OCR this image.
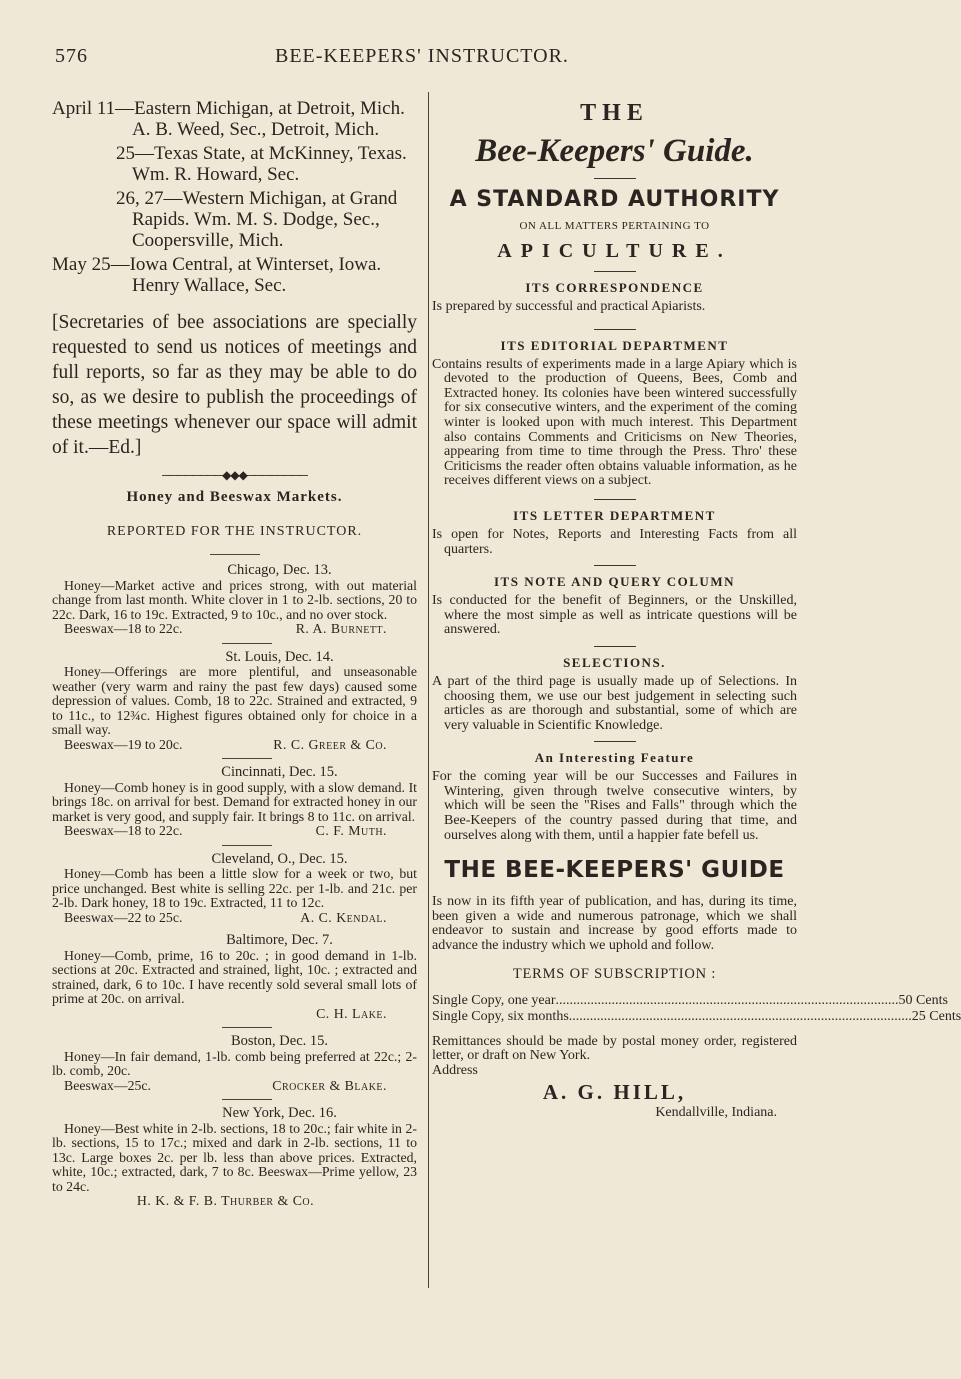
576	BEE-KEEPERS' INSTRUCTOR.

April 11—Eastern Michigan, at Detroit, Mich. A. B. Weed, Sec., Detroit, Mich.

25—Texas State, at McKinney, Texas. Wm. R. Howard, Sec.

26, 27—Western Michigan, at Grand Rapids. Wm. M. S. Dodge, Sec., Coopersville, Mich.

May 25—Iowa Central, at Winterset, Iowa. Henry Wallace, Sec.

[Secretaries of bee associations are specially requested to send us notices of meetings and full reports, so far as they may be able to do so, as we desire to publish the proceedings of these meetings whenever our space will admit of it.—Ed.]
────────◆◆◆────────
Honey and Beeswax Markets.
REPORTED FOR THE INSTRUCTOR.
Chicago, Dec. 13.
Honey—Market active and prices strong, with out material change from last month. White clover in 1 to 2-lb. sections, 20 to 22c. Dark, 16 to 19c. Extracted, 9 to 10c., and no over stock.
Beeswax—18 to 22c.	R. A. Burnett.
St. Louis, Dec. 14.
Honey—Offerings are more plentiful, and unseasonable weather (very warm and rainy the past few days) caused some depression of values. Comb, 18 to 22c. Strained and extracted, 9 to 11c., to 12¾c. Highest figures obtained only for choice in a small way.
Beeswax—19 to 20c.	R. C. Greer & Co.
Cincinnati, Dec. 15.
Honey—Comb honey is in good supply, with a slow demand. It brings 18c. on arrival for best. Demand for extracted honey in our market is very good, and supply fair. It brings 8 to 11c. on arrival.
Beeswax—18 to 22c.	C. F. Muth.
Cleveland, O., Dec. 15.
Honey—Comb has been a little slow for a week or two, but price unchanged. Best white is selling 22c. per 1-lb. and 21c. per 2-lb. Dark honey, 18 to 19c. Extracted, 11 to 12c.
Beeswax—22 to 25c.	A. C. Kendal.
Baltimore, Dec. 7.
Honey—Comb, prime, 16 to 20c. ; in good demand in 1-lb. sections at 20c. Extracted and strained, light, 10c. ; extracted and strained, dark, 6 to 10c. I have recently sold several small lots of prime at 20c. on arrival.
C. H. Lake.
Boston, Dec. 15.
Honey—In fair demand, 1-lb. comb being preferred at 22c.; 2-lb. comb, 20c.
Beeswax—25c.	Crocker & Blake.
New York, Dec. 16.
Honey—Best white in 2-lb. sections, 18 to 20c.; fair white in 2-lb. sections, 15 to 17c.; mixed and dark in 2-lb. sections, 11 to 13c. Large boxes 2c. per lb. less than above prices. Extracted, white, 10c.; extracted, dark, 7 to 8c. Beeswax—Prime yellow, 23 to 24c.
H. K. & F. B. Thurber & Co.
THE
Bee-Keepers' Guide.
A STANDARD AUTHORITY
ON ALL MATTERS PERTAINING TO
APICULTURE.
ITS CORRESPONDENCE

Is prepared by successful and practical Apiarists.

ITS EDITORIAL DEPARTMENT

Contains results of experiments made in a large Apiary which is devoted to the production of Queens, Bees, Comb and Extracted honey. Its colonies have been wintered successfully for six consecutive winters, and the experiment of the coming winter is looked upon with much interest. This Department also contains Comments and Criticisms on New Theories, appearing from time to time through the Press. Thro' these Criticisms the reader often obtains valuable information, as he receives different views on a subject.

ITS LETTER DEPARTMENT

Is open for Notes, Reports and Interesting Facts from all quarters.

ITS NOTE AND QUERY COLUMN

Is conducted for the benefit of Beginners, or the Unskilled, where the most simple as well as intricate questions will be answered.

SELECTIONS.

A part of the third page is usually made up of Selections. In choosing them, we use our best judgement in selecting such articles as are thorough and substantial, some of which are very valuable in Scientific Knowledge.

An Interesting Feature

For the coming year will be our Successes and Failures in Wintering, given through twelve consecutive winters, by which will be seen the "Rises and Falls" through which the Bee-Keepers of the country passed during that time, and ourselves along with them, until a happier fate befell us.

THE BEE-KEEPERS' GUIDE

Is now in its fifth year of publication, and has, during its time, been given a wide and numerous patronage, which we shall endeavor to sustain and increase by good efforts made to advance the industry which we uphold and follow.

TERMS OF SUBSCRIPTION :
Single Copy, one year .................................................................................................. 50 Cents
Single Copy, six months .................................................................................................. 25 Cents

Remittances should be made by postal money order, registered letter, or draft on New York.

Address

A. G. HILL,
Kendallville, Indiana.
